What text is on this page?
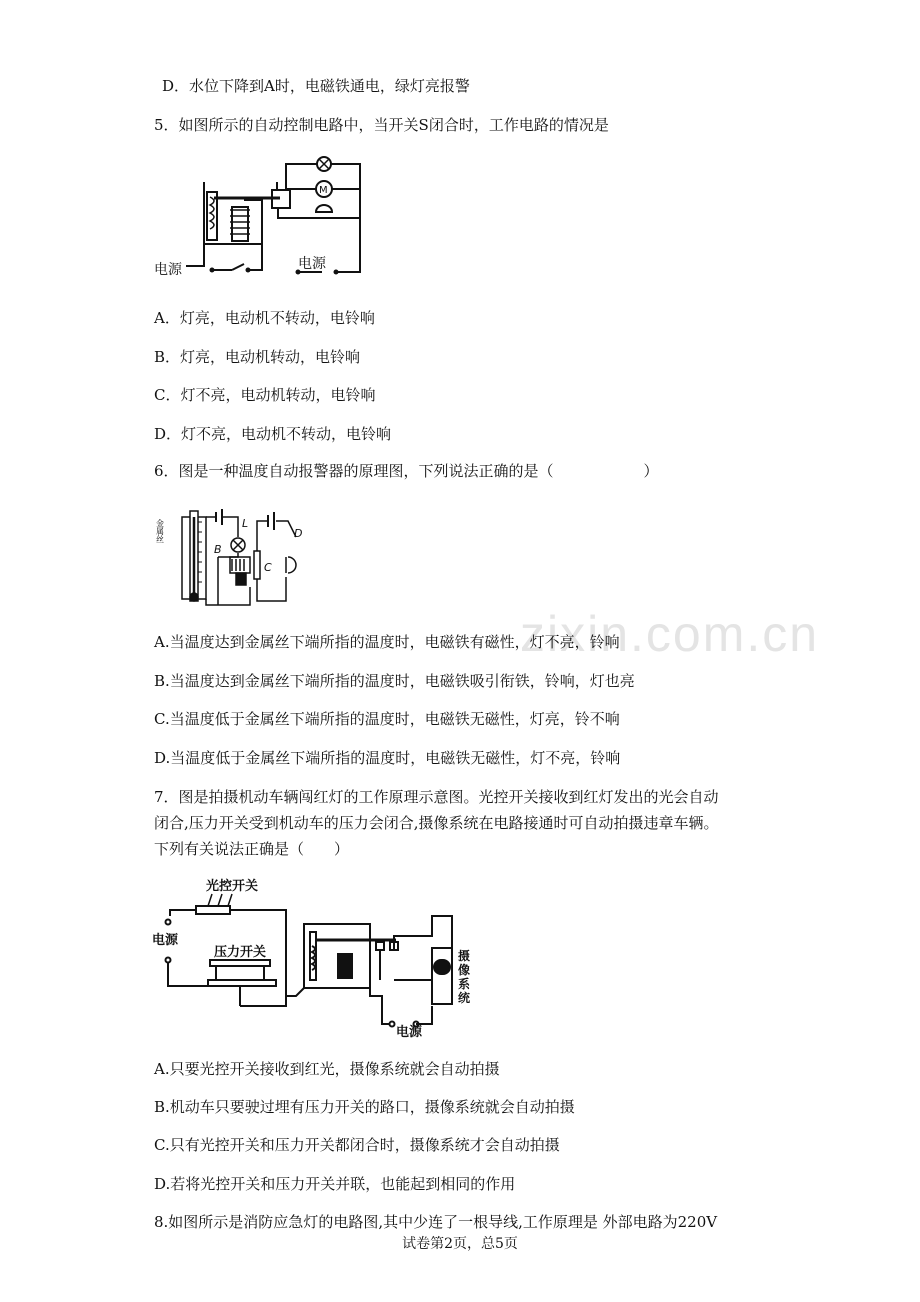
D．水位下降到A时，电磁铁通电，绿灯亮报警
5．如图所示的自动控制电路中，当开关S闭合时，工作电路的情况是
电源
M
电源
A．灯亮，电动机不转动，电铃响
B．灯亮，电动机转动，电铃响
C．灯不亮，电动机转动，电铃响
D．灯不亮，电动机不转动，电铃响
6．图是一种温度自动报警器的原理图，下列说法正确的是（　　　　　　）
金属丝	L
B
C
D
zixin.com.cn
A.当温度达到金属丝下端所指的温度时，电磁铁有磁性，灯不亮，铃响
B.当温度达到金属丝下端所指的温度时，电磁铁吸引衔铁，铃响，灯也亮
C.当温度低于金属丝下端所指的温度时，电磁铁无磁性，灯亮，铃不响
D.当温度低于金属丝下端所指的温度时，电磁铁无磁性，灯不亮，铃响
7．图是拍摄机动车辆闯红灯的工作原理示意图。光控开关接收到红灯发出的光会自动
闭合,压力开关受到机动车的压力会闭合,摄像系统在电路接通时可自动拍摄违章车辆。
下列有关说法正确是（　　）
光控开关
电源
压力开关
电源
摄
像
系
统
A.只要光控开关接收到红光，摄像系统就会自动拍摄
B.机动车只要驶过埋有压力开关的路口，摄像系统就会自动拍摄
C.只有光控开关和压力开关都闭合时，摄像系统才会自动拍摄
D.若将光控开关和压力开关并联，也能起到相同的作用
8.如图所示是消防应急灯的电路图,其中少连了一根导线,工作原理是 外部电路为220V
试卷第2页，总5页
